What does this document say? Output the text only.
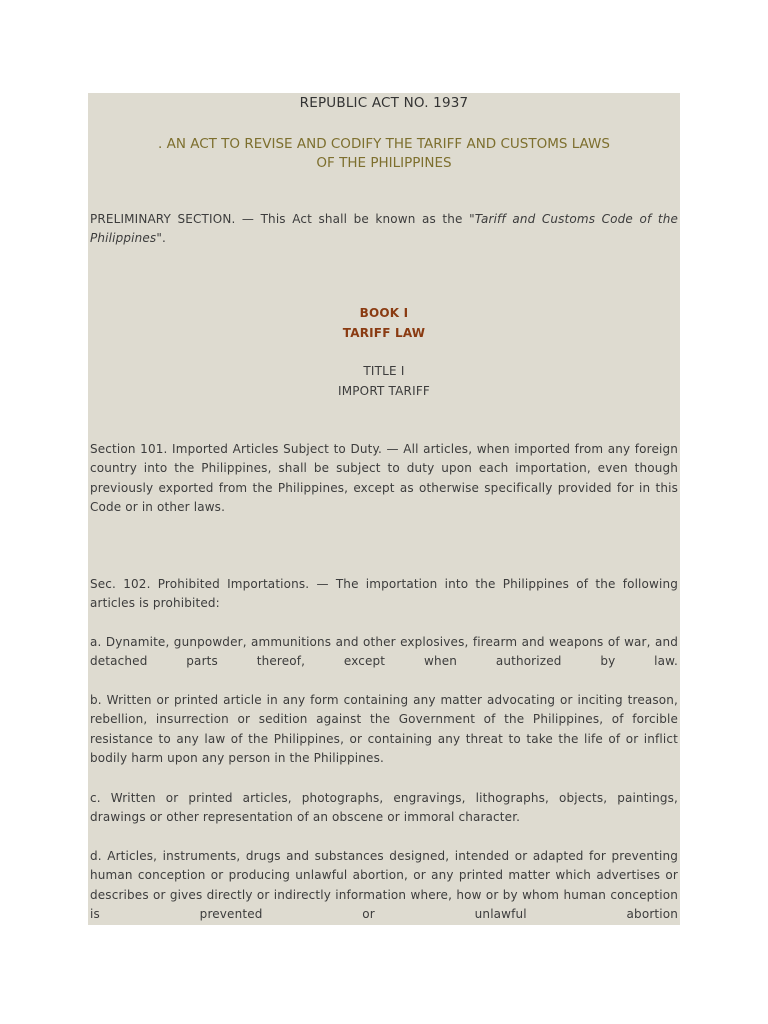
REPUBLIC ACT NO. 1937
. AN ACT TO REVISE AND CODIFY THE TARIFF AND CUSTOMS LAWS
OF THE PHILIPPINES

PRELIMINARY SECTION. — This Act shall be known as the "Tariff and Customs Code of the Philippines".

BOOK I
TARIFF LAW
TITLE I
IMPORT TARIFF

Section 101. Imported Articles Subject to Duty. — All articles, when imported from any foreign country into the Philippines, shall be subject to duty upon each importation, even though previously exported from the Philippines, except as otherwise specifically provided for in this Code or in other laws.

Sec. 102. Prohibited Importations. — The importation into the Philippines of the following articles is prohibited:

a. Dynamite, gunpowder, ammunitions and other explosives, firearm and weapons of war, and detached parts thereof, except when authorized by law.

b. Written or printed article in any form containing any matter advocating or inciting treason, rebellion, insurrection or sedition against the Government of the Philippines, of forcible resistance to any law of the Philippines, or containing any threat to take the life of or inflict bodily harm upon any person in the Philippines.

c. Written or printed articles, photographs, engravings, lithographs, objects, paintings, drawings or other representation of an obscene or immoral character.

d. Articles, instruments, drugs and substances designed, intended or adapted for preventing human conception or producing unlawful abortion, or any printed matter which advertises or describes or gives directly or indirectly information where, how or by whom human conception is prevented or unlawful abortion
